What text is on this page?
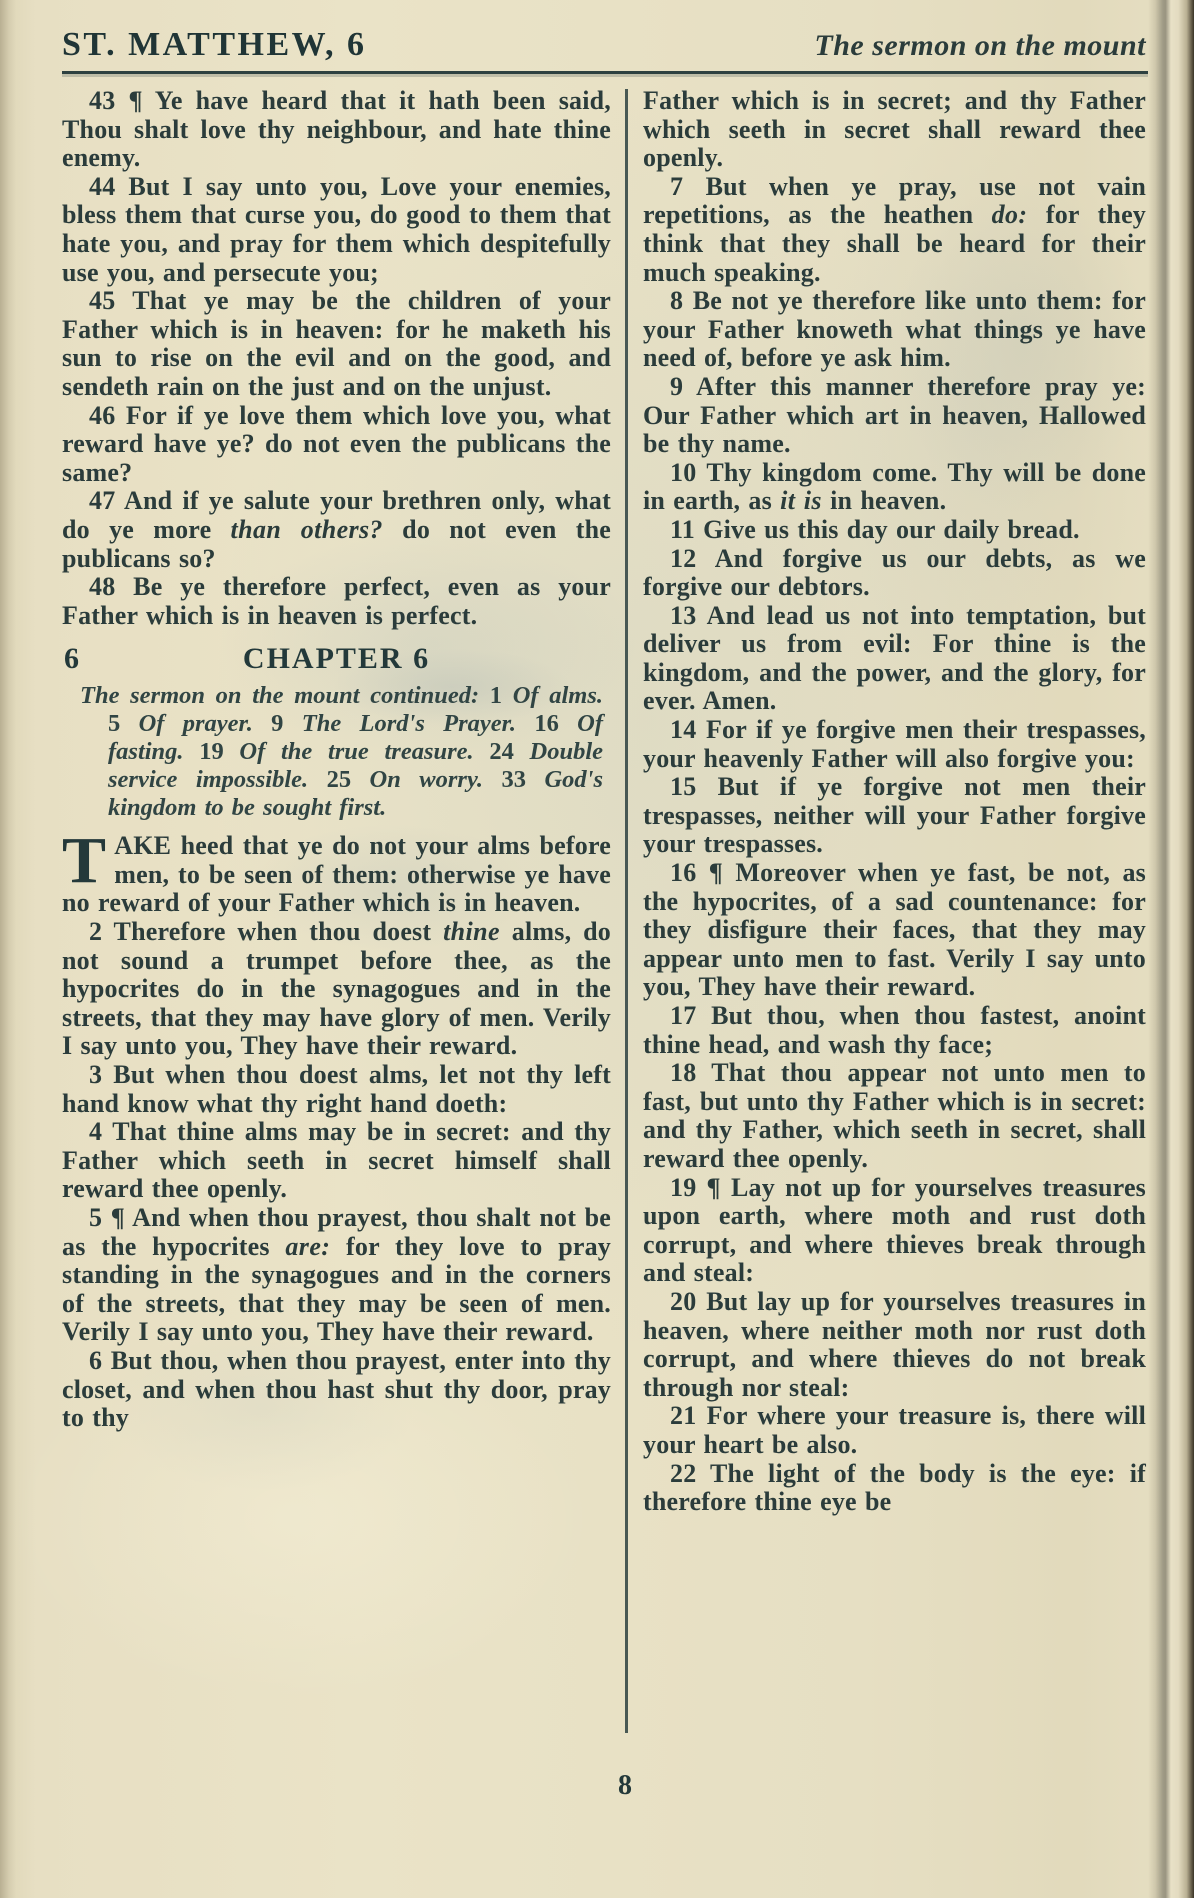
ST. MATTHEW, 6	The sermon on the mount

43 ¶ Ye have heard that it hath been said, Thou shalt love thy neighbour, and hate thine enemy.

44 But I say unto you, Love your enemies, bless them that curse you, do good to them that hate you, and pray for them which despitefully use you, and persecute you;

45 That ye may be the children of your Father which is in heaven: for he maketh his sun to rise on the evil and on the good, and sendeth rain on the just and on the unjust.

46 For if ye love them which love you, what reward have ye? do not even the publicans the same?

47 And if ye salute your brethren only, what do ye more than others? do not even the publicans so?

48 Be ye therefore perfect, even as your Father which is in heaven is perfect.

6	CHAPTER 6

The sermon on the mount continued: 1 Of alms. 5 Of prayer. 9 The Lord's Prayer. 16 Of fasting. 19 Of the true treasure. 24 Double service impossible. 25 On worry. 33 God's kingdom to be sought first.

TAKE heed that ye do not your alms before men, to be seen of them: otherwise ye have no reward of your Father which is in heaven.

2 Therefore when thou doest thine alms, do not sound a trumpet before thee, as the hypocrites do in the synagogues and in the streets, that they may have glory of men. Verily I say unto you, They have their reward.

3 But when thou doest alms, let not thy left hand know what thy right hand doeth:

4 That thine alms may be in secret: and thy Father which seeth in secret himself shall reward thee openly.

5 ¶ And when thou prayest, thou shalt not be as the hypocrites are: for they love to pray standing in the synagogues and in the corners of the streets, that they may be seen of men. Verily I say unto you, They have their reward.

6 But thou, when thou prayest, enter into thy closet, and when thou hast shut thy door, pray to thy

Father which is in secret; and thy Father which seeth in secret shall reward thee openly.

7 But when ye pray, use not vain repetitions, as the heathen do: for they think that they shall be heard for their much speaking.

8 Be not ye therefore like unto them: for your Father knoweth what things ye have need of, before ye ask him.

9 After this manner therefore pray ye: Our Father which art in heaven, Hallowed be thy name.

10 Thy kingdom come. Thy will be done in earth, as it is in heaven.

11 Give us this day our daily bread.

12 And forgive us our debts, as we forgive our debtors.

13 And lead us not into temptation, but deliver us from evil: For thine is the kingdom, and the power, and the glory, for ever. Amen.

14 For if ye forgive men their trespasses, your heavenly Father will also forgive you:

15 But if ye forgive not men their trespasses, neither will your Father forgive your trespasses.

16 ¶ Moreover when ye fast, be not, as the hypocrites, of a sad countenance: for they disfigure their faces, that they may appear unto men to fast. Verily I say unto you, They have their reward.

17 But thou, when thou fastest, anoint thine head, and wash thy face;

18 That thou appear not unto men to fast, but unto thy Father which is in secret: and thy Father, which seeth in secret, shall reward thee openly.

19 ¶ Lay not up for yourselves treasures upon earth, where moth and rust doth corrupt, and where thieves break through and steal:

20 But lay up for yourselves treasures in heaven, where neither moth nor rust doth corrupt, and where thieves do not break through nor steal:

21 For where your treasure is, there will your heart be also.

22 The light of the body is the eye: if therefore thine eye be

8
